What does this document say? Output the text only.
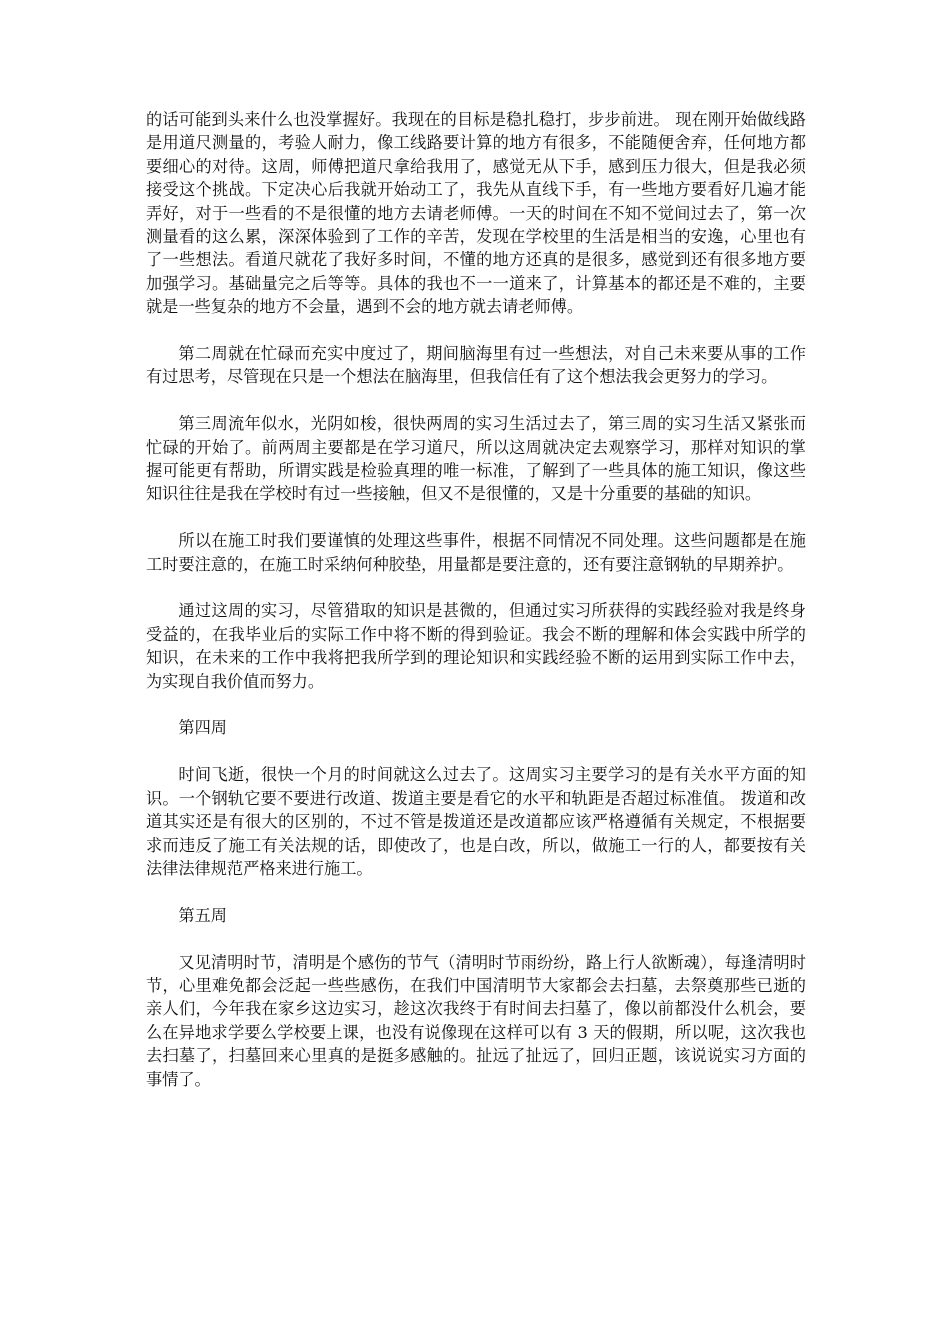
的话可能到头来什么也没掌握好。我现在的目标是稳扎稳打，步步前进。 现在刚开始做线路是用道尺测量的，考验人耐力，像工线路要计算的地方有很多，不能随便舍弃，任何地方都要细心的对待。这周，师傅把道尺拿给我用了，感觉无从下手，感到压力很大，但是我必须接受这个挑战。下定决心后我就开始动工了，我先从直线下手，有一些地方要看好几遍才能弄好，对于一些看的不是很懂的地方去请老师傅。一天的时间在不知不觉间过去了，第一次测量看的这么累，深深体验到了工作的辛苦，发现在学校里的生活是相当的安逸，心里也有了一些想法。看道尺就花了我好多时间，不懂的地方还真的是很多，感觉到还有很多地方要加强学习。基础量完之后等等。具体的我也不一一道来了，计算基本的都还是不难的，主要就是一些复杂的地方不会量，遇到不会的地方就去请老师傅。

第二周就在忙碌而充实中度过了，期间脑海里有过一些想法，对自己未来要从事的工作有过思考，尽管现在只是一个想法在脑海里，但我信任有了这个想法我会更努力的学习。

第三周流年似水，光阴如梭，很快两周的实习生活过去了，第三周的实习生活又紧张而忙碌的开始了。前两周主要都是在学习道尺，所以这周就决定去观察学习，那样对知识的掌握可能更有帮助，所谓实践是检验真理的唯一标准，了解到了一些具体的施工知识，像这些知识往往是我在学校时有过一些接触，但又不是很懂的，又是十分重要的基础的知识。

所以在施工时我们要谨慎的处理这些事件，根据不同情况不同处理。这些问题都是在施工时要注意的，在施工时采纳何种胶垫，用量都是要注意的，还有要注意钢轨的早期养护。

通过这周的实习，尽管猎取的知识是甚微的，但通过实习所获得的实践经验对我是终身受益的，在我毕业后的实际工作中将不断的得到验证。我会不断的理解和体会实践中所学的知识，在未来的工作中我将把我所学到的理论知识和实践经验不断的运用到实际工作中去，为实现自我价值而努力。

第四周

时间飞逝，很快一个月的时间就这么过去了。这周实习主要学习的是有关水平方面的知识。一个钢轨它要不要进行改道、拨道主要是看它的水平和轨距是否超过标准值。 拨道和改道其实还是有很大的区别的，不过不管是拨道还是改道都应该严格遵循有关规定，不根据要求而违反了施工有关法规的话，即使改了，也是白改，所以，做施工一行的人，都要按有关法律法律规范严格来进行施工。

第五周

又见清明时节，清明是个感伤的节气（清明时节雨纷纷，路上行人欲断魂），每逢清明时节，心里难免都会泛起一些些感伤，在我们中国清明节大家都会去扫墓，去祭奠那些已逝的亲人们，今年我在家乡这边实习，趁这次我终于有时间去扫墓了，像以前都没什么机会，要么在异地求学要么学校要上课，也没有说像现在这样可以有 3 天的假期，所以呢，这次我也去扫墓了，扫墓回来心里真的是挺多感触的。扯远了扯远了，回归正题，该说说实习方面的事情了。
